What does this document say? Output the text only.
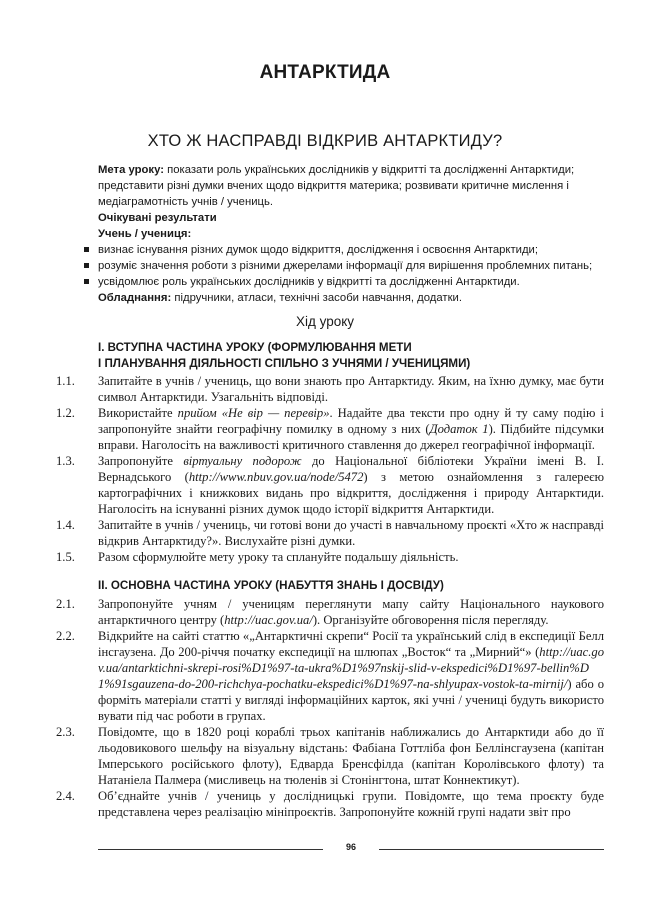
АНТАРКТИДА
ХТО Ж НАСПРАВДІ ВІДКРИВ АНТАРКТИДУ?

Мета уроку: показати роль українських дослідників у відкритті та дослідженні Антарктиди; представити різні думки вчених щодо відкриття материка; розвивати критичне мислення і медіаграмотність учнів / учениць.

Очікувані результати

Учень / учениця:

визнає існування різних думок щодо відкриття, дослідження і освоєння Антарктиди;
розуміє значення роботи з різними джерелами інформації для вирішення проблемних питань;
усвідомлює роль українських дослідників у відкритті та дослідженні Антарктиди.

Обладнання: підручники, атласи, технічні засоби навчання, додатки.

Хід уроку
І. ВСТУПНА ЧАСТИНА УРОКУ (ФОРМУЛЮВАННЯ МЕТИ
І ПЛАНУВАННЯ ДІЯЛЬНОСТІ СПІЛЬНО З УЧНЯМИ / УЧЕНИЦЯМИ)
1.1.	Запитайте в учнів / учениць, що вони знають про Антарктиду. Яким, на їхню думку, має бути символ Антарктиди. Узагальніть відповіді.
1.2.	Використайте прийом «Не вір — перевір». Надайте два тексти про одну й ту саму подію і запропонуйте знайти географічну помилку в одному з них (Додаток 1). Підбийте підсумки вправи. Наголосіть на важливості критичного ставлення до джерел географічної інформації.
1.3.	Запропонуйте віртуальну подорож до Національної бібліотеки України імені В. І. Вернадського (http://www.nbuv.gov.ua/node/5472) з метою ознайомлення з галереєю картографічних і книжкових видань про відкриття, дослідження і природу Антарктиди. Наголосіть на існуванні різних думок щодо історії відкриття Антарктиди.
1.4.	Запитайте в учнів / учениць, чи готові вони до участі в навчальному проєкті «Хто ж насправді відкрив Антарктиду?». Вислухайте різні думки.
1.5.	Разом сформулюйте мету уроку та сплануйте подальшу діяльність.
ІІ. ОСНОВНА ЧАСТИНА УРОКУ (НАБУТТЯ ЗНАНЬ І ДОСВІДУ)
2.1.	Запропонуйте учням / ученицям переглянути мапу сайту Національного наукового антарктичного центру (http://uac.gov.ua/). Організуйте обговорення після перегляду.
2.2.	Відкрийте на сайті статтю «„Антарктичні скрепи“ Росії та український слід в експедиції Беллінсгаузена. До 200-річчя початку експедиції на шлюпах „Восток“ та „Мирний“» (http://uac.gov.ua/antarktichni-skrepi-rosi%D1%97-ta-ukra%D1%97nskij-slid-v-ekspedici%D1%97-bellin%D1%91sgauzena-do-200-richchya-pochatku-ekspedici%D1%97-na-shlyupax-vostok-ta-mirnij/) або оформіть матеріали статті у вигляді інформаційних карток, які учні / учениці будуть використовувати під час роботи в групах.
2.3.	Повідомте, що в 1820 році кораблі трьох капітанів наближались до Антарктиди або до її льодовикового шельфу на візуальну відстань: Фабіана Готтліба фон Беллінсгаузена (капітан Імперського російського флоту), Едварда Бренсфілда (капітан Королівського флоту) та Натаніела Палмера (мисливець на тюленів зі Стонінгтона, штат Коннектикут).
2.4.	Об’єднайте учнів / учениць у дослідницькі групи. Повідомте, що тема проєкту буде представлена через реалізацію мініпроєктів. Запропонуйте кожній групі надати звіт про
96
